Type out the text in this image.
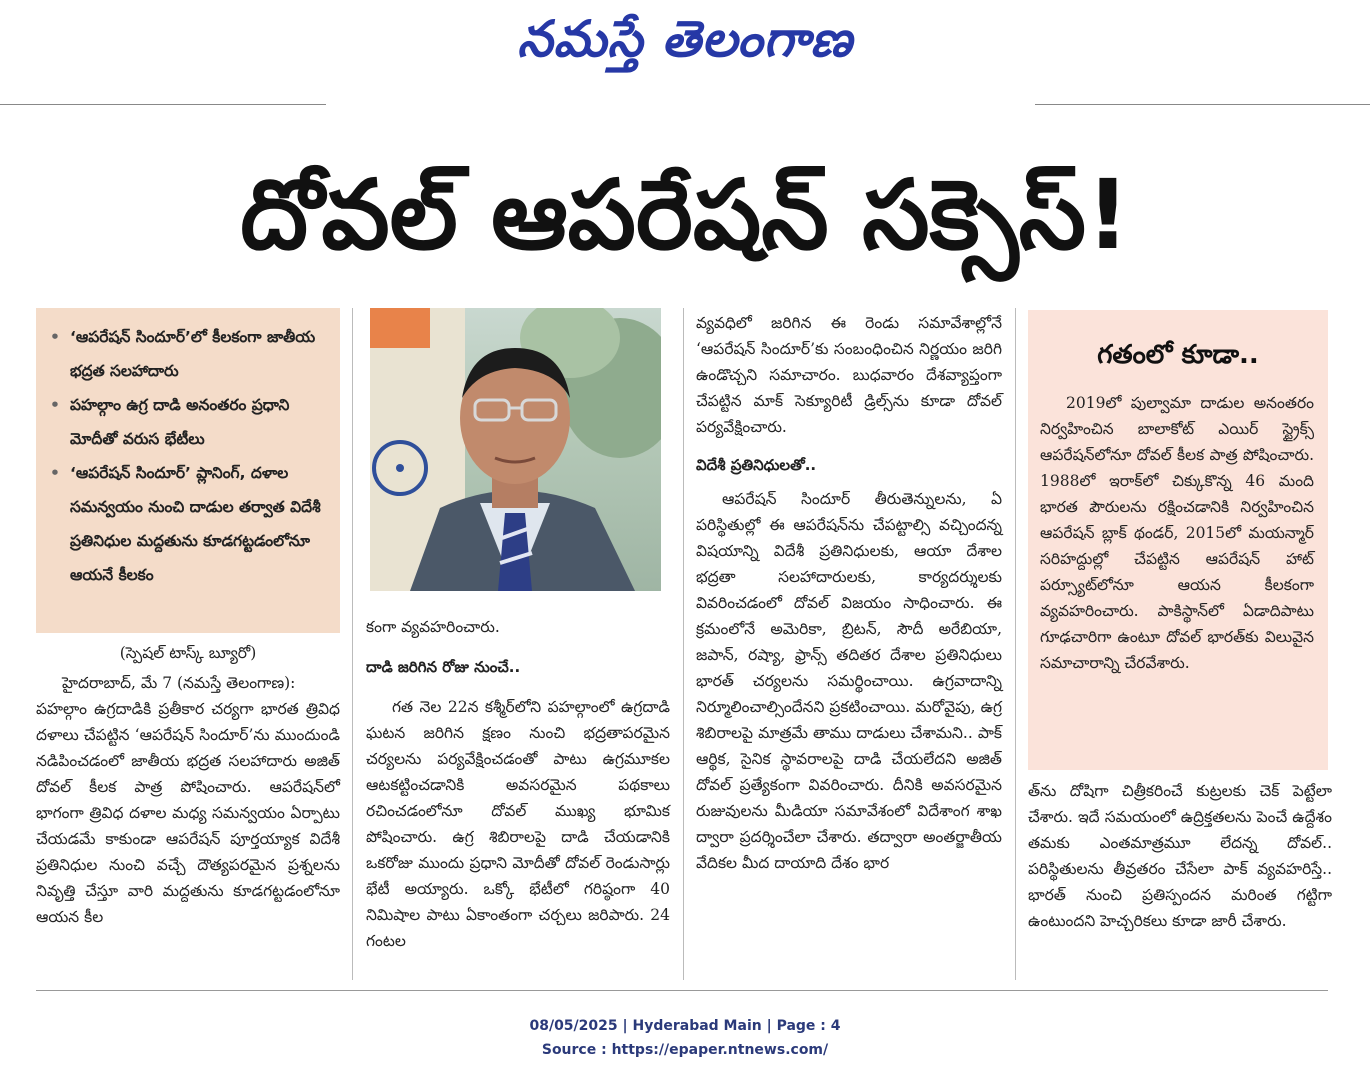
నమస్తే తెలంగాణ
దోవల్ ఆపరేషన్ సక్సెస్!
• ‘ఆపరేషన్ సిందూర్’లో కీలకంగా జాతీయ భద్రత సలహాదారు
• పహల్గాం ఉగ్ర దాడి అనంతరం ప్రధాని మోదీతో వరుస భేటీలు
• ‘ఆపరేషన్ సిందూర్’ ప్లానింగ్, దళాల సమన్వయం నుంచి దాడుల తర్వాత విదేశీ ప్రతినిధుల మద్దతును కూడగట్టడంలోనూ ఆయనే కీలకం
(స్పెషల్ టాస్క్ బ్యూరో)

హైదరాబాద్, మే 7 (నమస్తే తెలంగాణ):

పహల్గాం ఉగ్రదాడికి ప్రతీకార చర్యగా భారత త్రివిధ దళాలు చేపట్టిన ‘ఆపరేషన్ సిందూర్’ను ముందుండి నడిపించడంలో జాతీయ భద్రత సలహాదారు అజిత్ దోవల్ కీలక పాత్ర పోషించారు. ఆపరేషన్‌లో భాగంగా త్రివిధ దళాల మధ్య సమన్వయం ఏర్పాటు చేయడమే కాకుండా ఆపరేషన్ పూర్తయ్యాక విదేశీ ప్రతినిధుల నుంచి వచ్చే దౌత్యపరమైన ప్రశ్నలను నివృత్తి చేస్తూ వారి మద్దతును కూడగట్టడంలోనూ ఆయన కీల

కంగా వ్యవహరించారు.

దాడి జరిగిన రోజు నుంచే..

గత నెల 22న కశ్మీర్‌లోని పహల్గాంలో ఉగ్రదాడి ఘటన జరిగిన క్షణం నుంచి భద్రతాపరమైన చర్యలను పర్యవేక్షించడంతో పాటు ఉగ్రమూకల ఆటకట్టించడానికి అవసరమైన పథకాలు రచించడంలోనూ దోవల్ ముఖ్య భూమిక పోషించారు. ఉగ్ర శిబిరాలపై దాడి చేయడానికి ఒకరోజు ముందు ప్రధాని మోదీతో దోవల్ రెండుసార్లు భేటీ అయ్యారు. ఒక్కో భేటీలో గరిష్ఠంగా 40 నిమిషాల పాటు ఏకాంతంగా చర్చలు జరిపారు. 24 గంటల

వ్యవధిలో జరిగిన ఈ రెండు సమావేశాల్లోనే ‘ఆపరేషన్ సిందూర్’కు సంబంధించిన నిర్ణయం జరిగి ఉండొచ్చని సమాచారం. బుధవారం దేశవ్యాప్తంగా చేపట్టిన మాక్ సెక్యూరిటీ డ్రిల్స్‌ను కూడా దోవల్ పర్యవేక్షించారు.

విదేశీ ప్రతినిధులతో..

ఆపరేషన్ సిందూర్ తీరుతెన్నులను, ఏ పరిస్థితుల్లో ఈ ఆపరేషన్‌ను చేపట్టాల్సి వచ్చిందన్న విషయాన్ని విదేశీ ప్రతినిధులకు, ఆయా దేశాల భద్రతా సలహాదారులకు, కార్యదర్శులకు వివరించడంలో దోవల్ విజయం సాధించారు. ఈ క్రమంలోనే అమెరికా, బ్రిటన్, సౌదీ అరేబియా, జపాన్, రష్యా, ఫ్రాన్స్ తదితర దేశాల ప్రతినిధులు భారత్ చర్యలను సమర్థించాయి. ఉగ్రవాదాన్ని నిర్మూలించాల్సిందేనని ప్రకటించాయి. మరోవైపు, ఉగ్ర శిబిరాలపై మాత్రమే తాము దాడులు చేశామని.. పాక్ ఆర్థిక, సైనిక స్థావరాలపై దాడి చేయలేదని అజిత్ దోవల్ ప్రత్యేకంగా వివరించారు. దీనికి అవసరమైన రుజువులను మీడియా సమావేశంలో విదేశాంగ శాఖ ద్వారా ప్రదర్శించేలా చేశారు. తద్వారా అంతర్జాతీయ వేదికల మీద దాయాది దేశం భార

గతంలో కూడా..
2019లో పుల్వామా దాడుల అనంతరం నిర్వహించిన బాలాకోట్ ఎయిర్ స్ట్రైక్స్ ఆపరేషన్‌లోనూ దోవల్ కీలక పాత్ర పోషించారు. 1988లో ఇరాక్‌లో చిక్కుకొన్న 46 మంది భారత పౌరులను రక్షించడానికి నిర్వహించిన ఆపరేషన్ బ్లాక్ థండర్, 2015లో మయన్మార్ సరిహద్దుల్లో చేపట్టిన ఆపరేషన్ హాట్ పర్స్యూట్‌లోనూ ఆయన కీలకంగా వ్యవహరించారు. పాకిస్థాన్‌లో ఏడాదిపాటు గూఢచారిగా ఉంటూ దోవల్ భారత్‌కు విలువైన సమాచారాన్ని చేరవేశారు.

త్‌ను దోషిగా చిత్రీకరించే కుట్రలకు చెక్ పెట్టేలా చేశారు. ఇదే సమయంలో ఉద్రిక్తతలను పెంచే ఉద్దేశం తమకు ఎంతమాత్రమూ లేదన్న దోవల్.. పరిస్థితులను తీవ్రతరం చేసేలా పాక్ వ్యవహరిస్తే.. భారత్ నుంచి ప్రతిస్పందన మరింత గట్టిగా ఉంటుందని హెచ్చరికలు కూడా జారీ చేశారు.

08/05/2025 | Hyderabad Main | Page : 4
Source : https://epaper.ntnews.com/
